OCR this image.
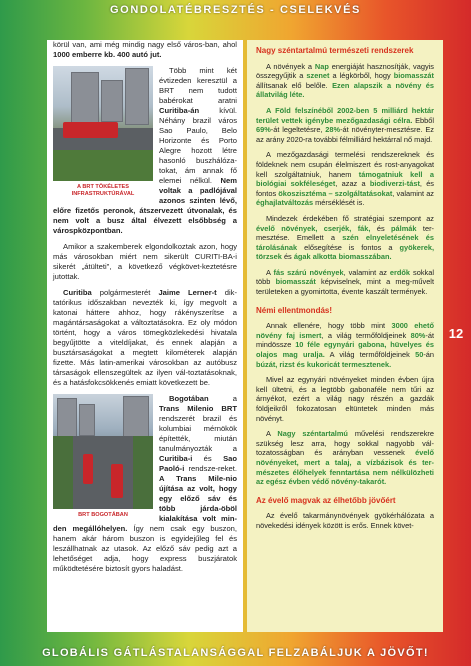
GONDOLATÉBRESZTÉS - CSELEKVÉS

körül van, ami még mindig nagy első város-ban, ahol 1000 emberre kb. 400 autó jut.

A BRT TÖKÉLETES INFRASTRUKTÚRÁVAL

Több mint két évtizeden keresztül a BRT nem tudott babérokat aratni Curitiba-án kívül. Néhány brazil város Sao Paulo, Belo Horizonte és Porto Alegre hozott létre hasonló buszhálóza-tokat, ám annak fő elemei nélkül. Nem voltak a padlójával azonos szinten lévő, előre fizetős peronok, átszervezett útvonalak, és nem volt a busz által élvezett elsőbbség a várospközpontban.

Amikor a szakemberek elgondolkoztak azon, hogy más városokban miért nem sikerült CURITI-BA-i sikerét „átülteti", a következő végkövet-keztetésre jutottak.

Curitiba polgármesterét Jaime Lerner-t dik-tatórikus időszakban nevezték ki, így megvolt a katonai háttere ahhoz, hogy rákényszerítse a magántársaságokat a változtatásokra. Ez oly módon történt, hogy a város tömegközlekedési hivatala begyűjtötte a viteldíjakat, és ennek alapján a busztársaságokat a megtett kilométerek alapján fizette. Más latin-amerikai városokban az autóbusz társaságok ellenszegültek az ilyen vál-toztatásoknak, és a hatásfokcsökkenés emiatt következett be.

BRT BOGOTÁBAN

Bogotában a Trans Milenio BRT rendszerét brazil és kolumbiai mérnökök építették, miután tanulmányozták a Curitiba-i és Sao Paoló-i rendsze-reket. A Trans Mile-nio újítása az volt, hogy egy előző sáv és több járda-öböl kialakítása volt min-den megállóhelyen. Így nem csak egy buszon, hanem akár három buszon is egyidejűleg fel és leszállhatnak az utasok. Az előző sáv pedig azt a lehetőséget adja, hogy express buszjáratok működtetésére biztosít gyors haladást.

Nagy széntartalmú természeti rendszerek

A növények a Nap energiáját hasznosítják, vagyis összegyűjtik a szenet a légkörből, hogy biomasszát állítsanak elő belőle. Ezen alapszik a növény és állatvilág léte.

A Föld felszínéből 2002-ben 5 milliárd hektár terület vettek igénybe mezőgazdasági célra. Ebből 69%-át legeltetésre, 28%-át növényter-mesztésre. Ez az arány 2020-ra további félmilliárd hektárral nő majd.

A mezőgazdasági termelési rendszereknek és földeknek nem csupán élelmiszert és rost-anyagokat kell szolgáltatniuk, hanem támogatniuk kell a biológiai sokféleséget, azaz a biodiverzi-tást, és fontos ökoszisztéma – szolgáltatásokat, valamint az éghajlatváltozás mérséklését is.

Mindezek érdekében fő stratégiai szempont az évelő növények, cserjék, fák, és pálmák ter-mesztése. Emellett a szén elnyeletésének és tárolásának elősegítése is fontos a gyökerek, törzsek és ágak alkotta biomasszában.

A fás szárú növények, valamint az erdők sokkal több biomasszát képviselnek, mint a meg-művelt területeken a gyomirtotta, évente kaszált termények.

Némi ellentmondás!

Annak ellenére, hogy több mint 3000 ehető növény faj ismert, a világ termőföldjeinek 80%-át mindössze 10 féle egynyári gabona, hüvelyes és olajos mag uralja. A világ termőföldjeinek 50-án búzát, rizst és kukoricát termesztenek.

Mivel az egynyári növényeket minden évben újra kell ültetni, és a legtöbb gabonaféle nem tűri az árnyékot, ezért a világ nagy részén a gazdák földjeikről fokozatosan eltüntetek minden más növényt.

A Nagy széntartalmú művelési rendszerekre szükség lesz arra, hogy sokkal nagyobb vál-tozatosságban és arányban vessenek évelő növényeket, mert a talaj, a vízbázisok és ter-mészetes élőhelyek fenntartása nem nélkülözheti az egész évben védő növény-takarót.

Az évelő magvak az élhetőbb jövőért

Az évelő takarmánynövények gyökérhálózata a növekedési idények között is erős. Ennek követ-

12
GLOBÁLIS GÁTLÁSTALANSÁGGAL FELZABÁLJUK A JÖVŐT!
